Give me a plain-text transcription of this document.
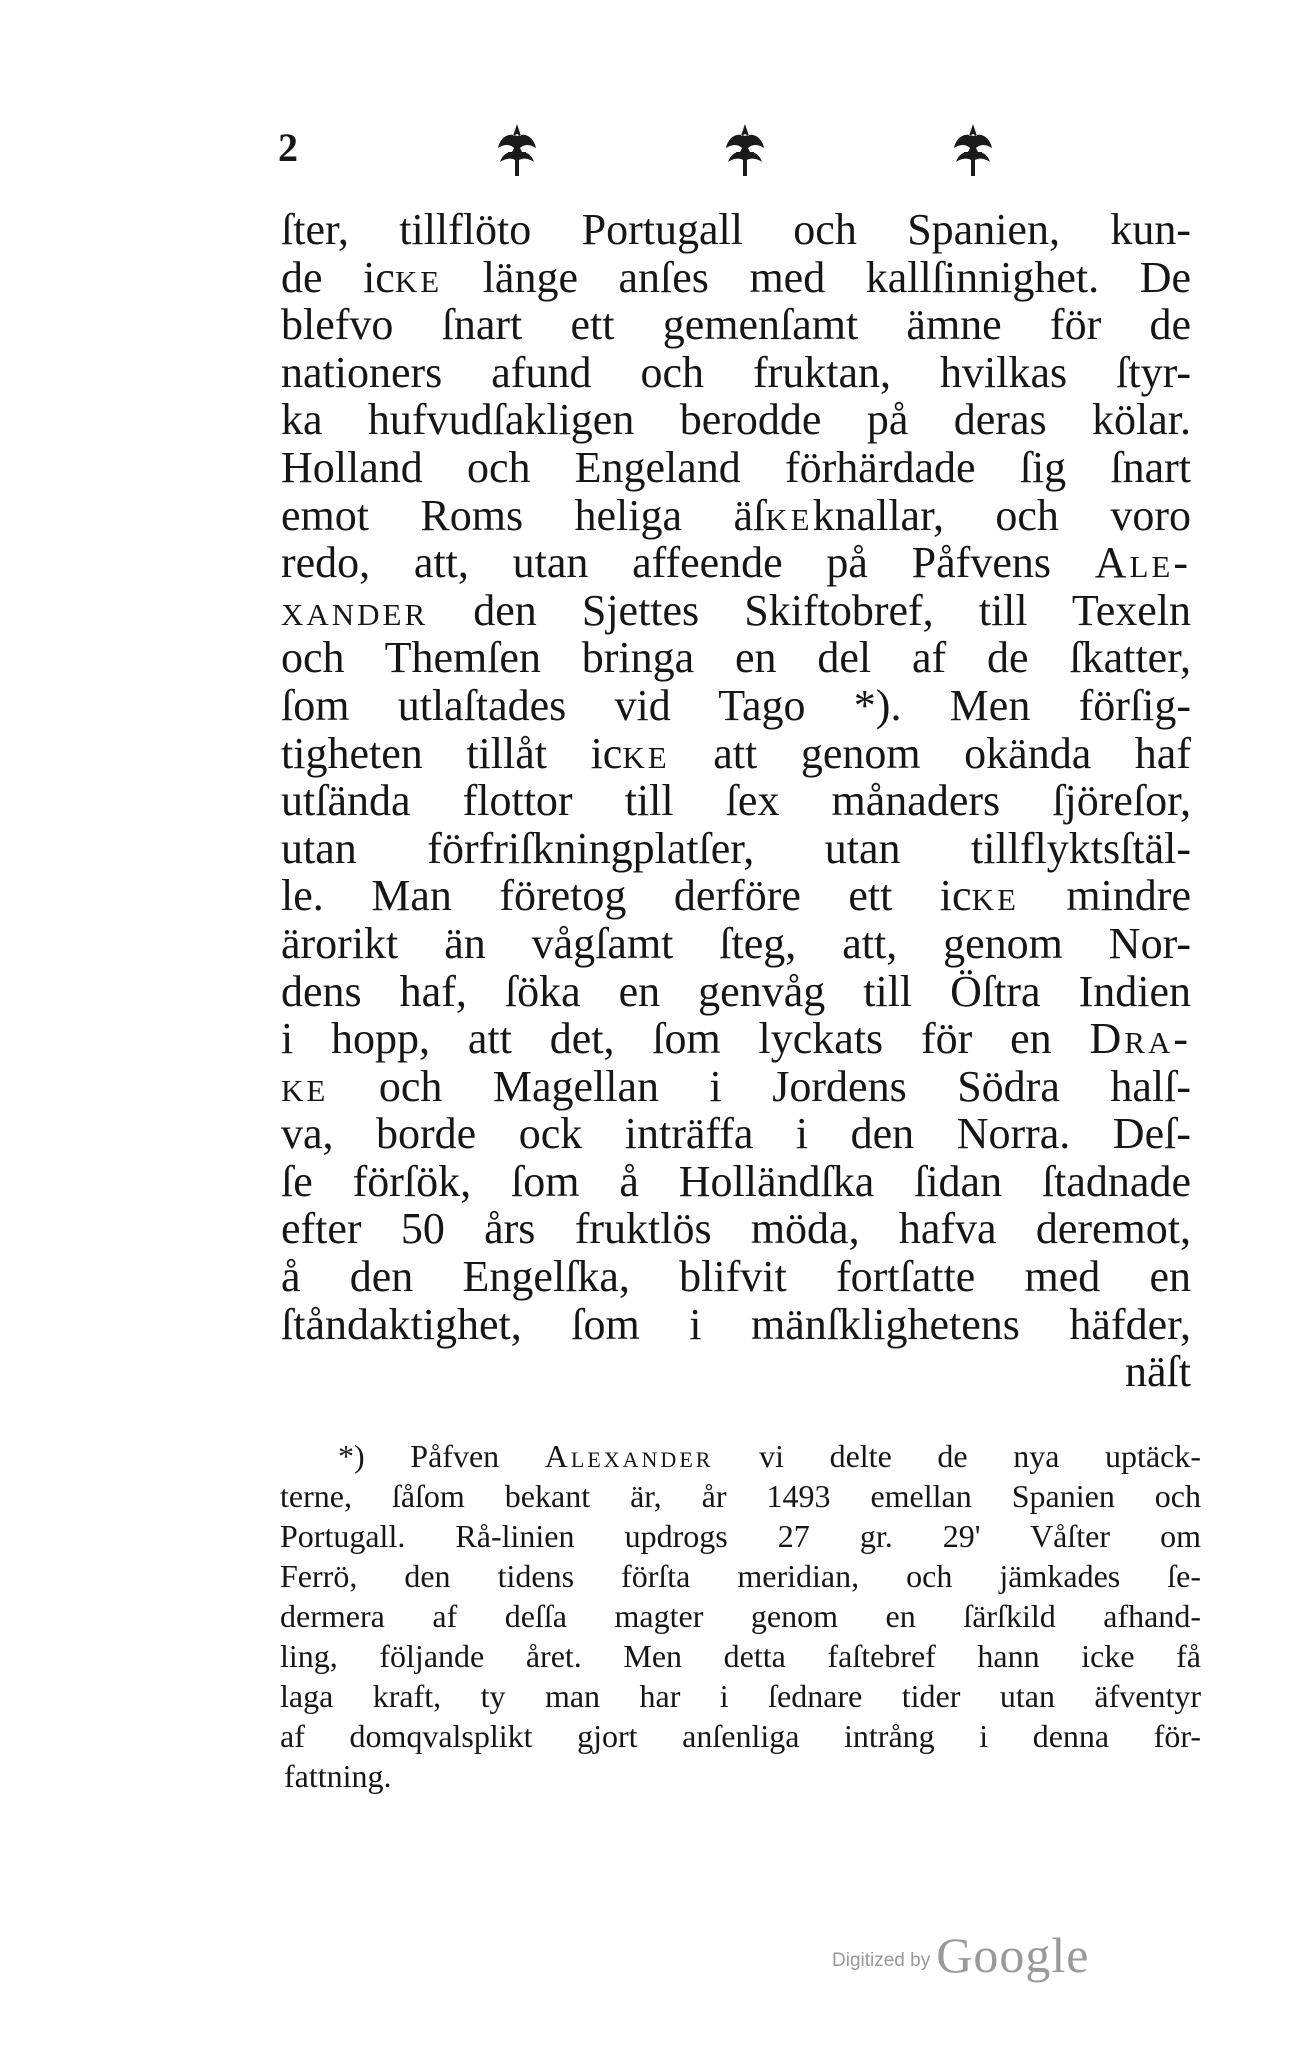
2
ſter, tillflöto Portugall och Spanien, kun-
de icke länge anſes med kallſinnighet. De
blefvo ſnart ett gemenſamt ämne för de
nationers afund och fruktan, hvilkas ſtyr-
ka hufvudſakligen berodde på deras kölar.
Holland och Engeland förhärdade ſig ſnart
emot Roms heliga äſkeknallar, och voro
redo, att, utan affeende på Påfvens Ale-
xander den Sjettes Skiftobref, till Texeln
och Themſen bringa en del af de ſkatter,
ſom utlaſtades vid Tago *). Men förſig-
tigheten tillåt icke att genom okända haf
utſända flottor till ſex månaders ſjöreſor,
utan förfriſkningplatſer, utan tillflyktsſtäl-
le. Man företog derföre ett icke mindre
ärorikt än vågſamt ſteg, att, genom Nor-
dens haf, ſöka en genvåg till Öſtra Indien
i hopp, att det, ſom lyckats för en Dra-
ke och Magellan i Jordens Södra halſ-
va, borde ock inträffa i den Norra. Deſ-
ſe förſök, ſom å Holländſka ſidan ſtadnade
efter 50 års fruktlös möda, hafva deremot,
å den Engelſka, blifvit fortſatte med en
ſtåndaktighet, ſom i mänſklighetens häfder,
näſt
*) Påfven Alexander vi delte de nya uptäck-
terne, ſåſom bekant är, år 1493 emellan Spanien och
Portugall. Rå-linien updrogs 27 gr. 29' Våſter om
Ferrö, den tidens förſta meridian, och jämkades ſe-
dermera af deſſa magter genom en ſärſkild afhand-
ling, följande året. Men detta faſtebref hann icke få
laga kraft, ty man har i ſednare tider utan äfventyr
af domqvalsplikt gjort anſenliga intrång i denna för-
fattning.
Digitized by Google
